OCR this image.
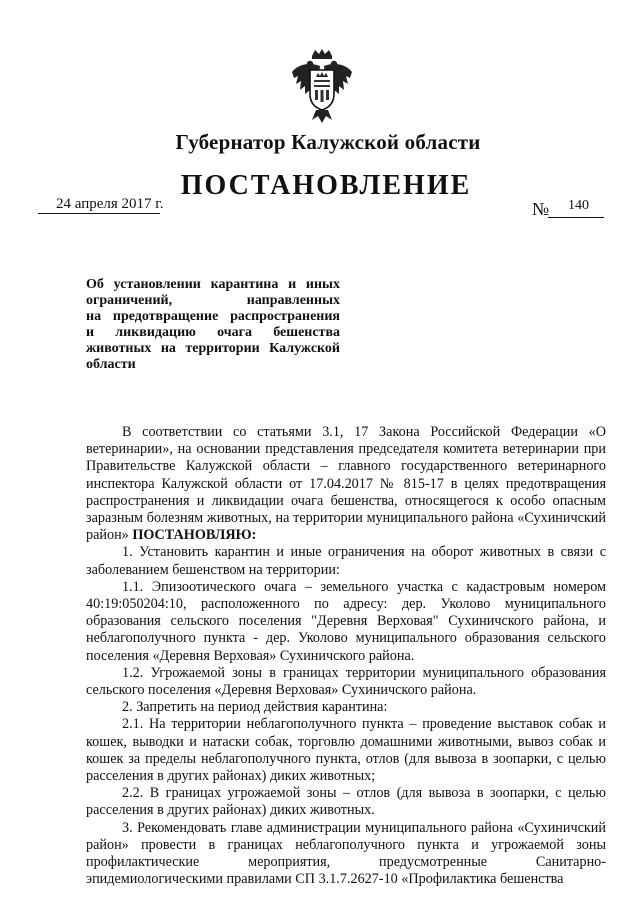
Губернатор Калужской области
ПОСТАНОВЛЕНИЕ
24 апреля 2017 г.	№ 140
Об установлении карантина и иных
ограничений, направленных
на предотвращение распространения
и ликвидацию очага бешенства
животных на территории Калужской
области

В соответствии со статьями 3.1, 17 Закона Российской Федерации «О ветеринарии», на основании представления председателя комитета ветеринарии при Правительстве Калужской области – главного государственного ветеринарного инспектора Калужской области от 17.04.2017 № 815-17 в целях предотвращения распространения и ликвидации очага бешенства, относящегося к особо опасным заразным болезням животных, на территории муниципального района «Сухиничский район» ПОСТАНОВЛЯЮ:

1. Установить карантин и иные ограничения на оборот животных в связи с заболеванием бешенством на территории:

1.1. Эпизоотического очага – земельного участка с кадастровым номером 40:19:050204:10, расположенного по адресу: дер. Уколово муниципального образования сельского поселения "Деревня Верховая" Сухиничского района, и неблагополучного пункта - дер. Уколово муниципального образования сельского поселения «Деревня Верховая» Сухиничского района.

1.2. Угрожаемой зоны в границах территории муниципального образования сельского поселения «Деревня Верховая» Сухиничского района.

2. Запретить на период действия карантина:

2.1. На территории неблагополучного пункта – проведение выставок собак и кошек, выводки и натаски собак, торговлю домашними животными, вывоз собак и кошек за пределы неблагополучного пункта, отлов (для вывоза в зоопарки, с целью расселения в других районах) диких животных;

2.2. В границах угрожаемой зоны – отлов (для вывоза в зоопарки, с целью расселения в других районах) диких животных.

3. Рекомендовать главе администрации муниципального района «Сухиничский район» провести в границах неблагополучного пункта и угрожаемой зоны профилактические мероприятия, предусмотренные Санитарно-эпидемиологическими правилами СП 3.1.7.2627-10 «Профилактика бешенства
